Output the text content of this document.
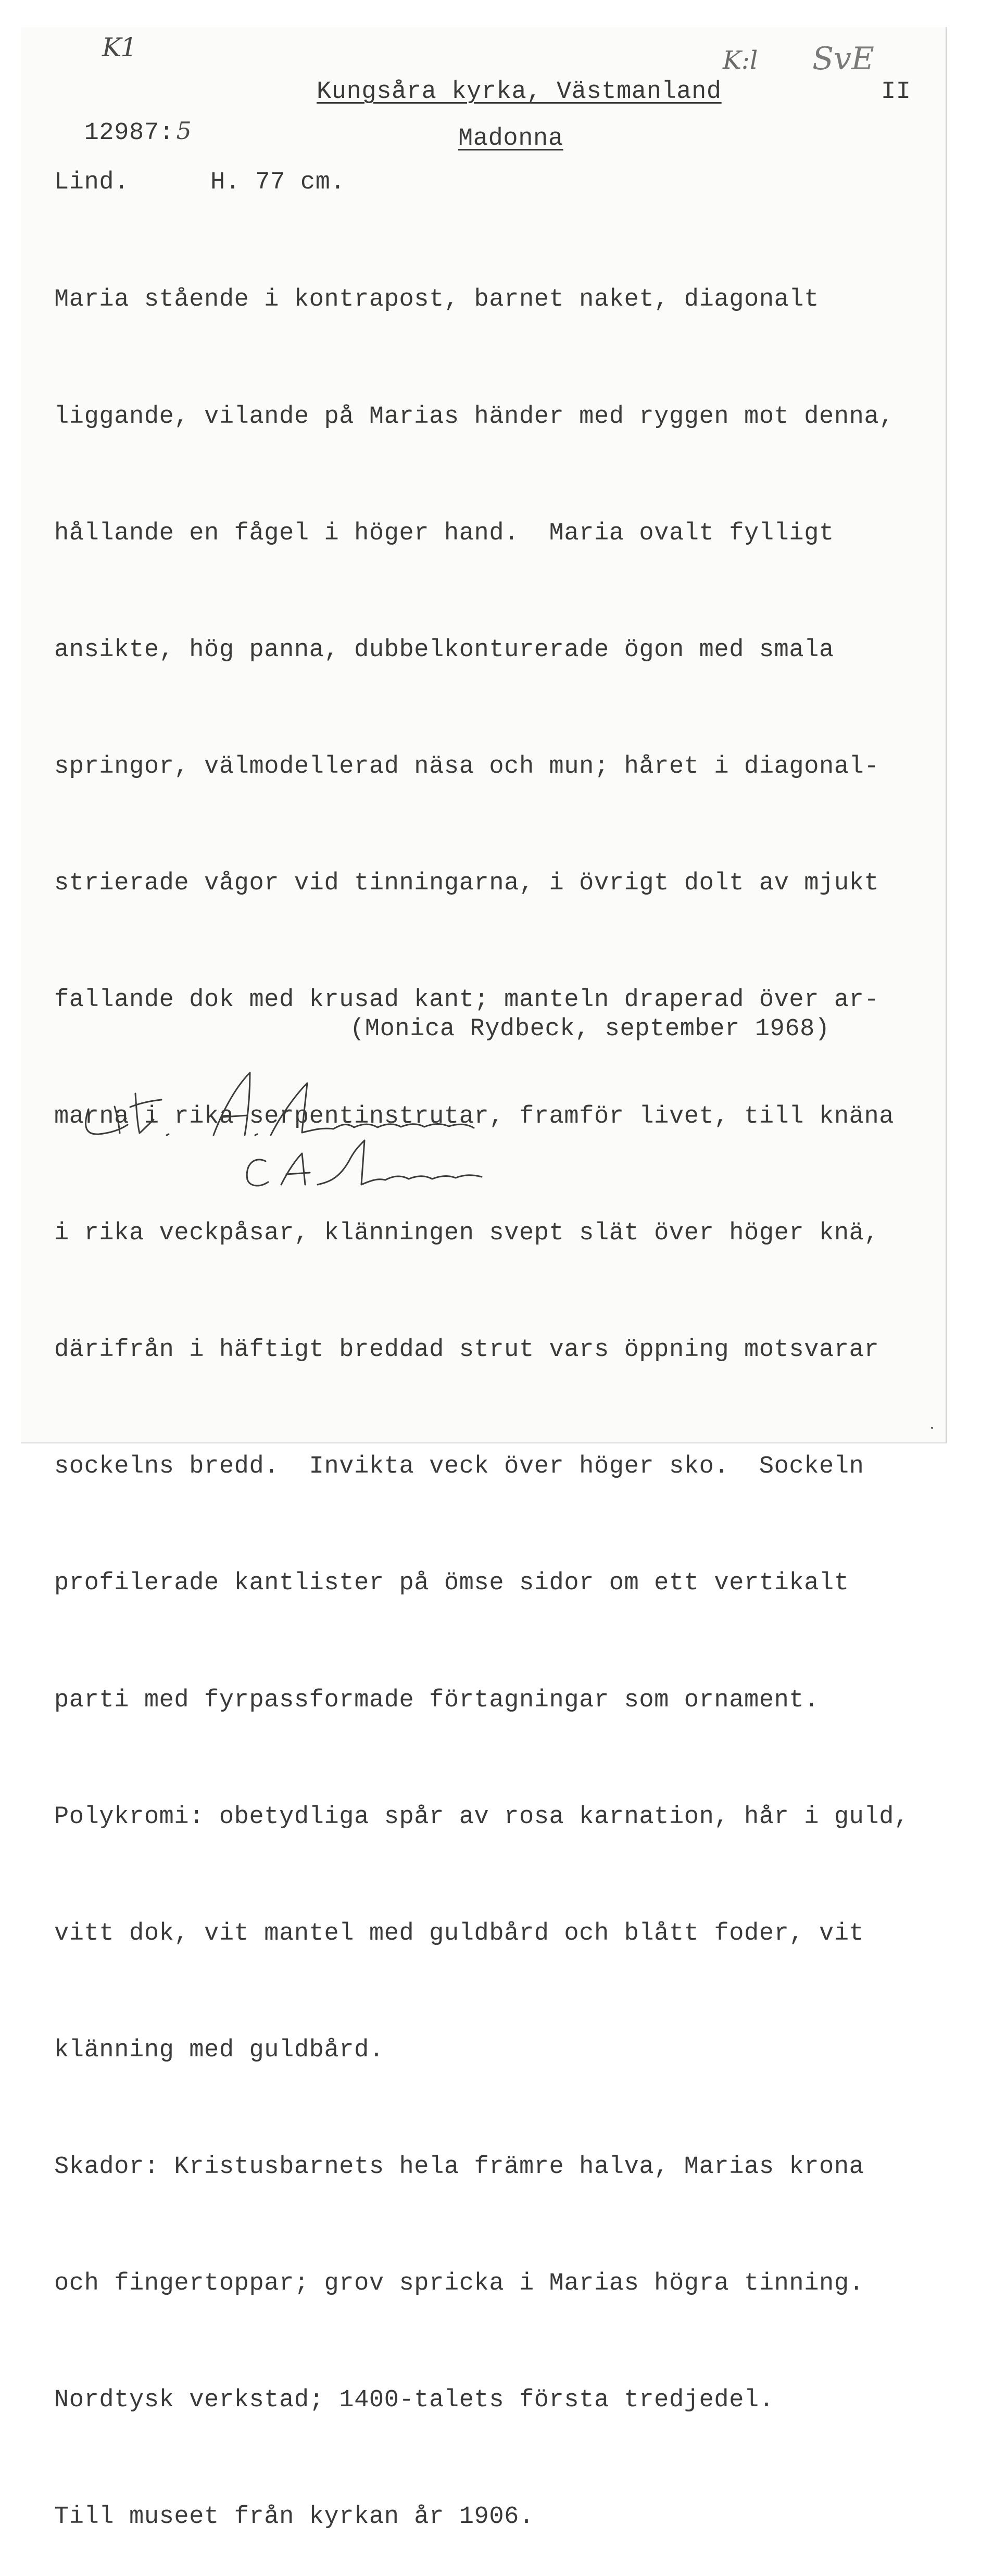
K1	K:l SvE

12987:5

Kungsåra kyrka, Västmanland	II
Madonna
Lind.	H. 77 cm.

Maria stående i kontrapost, barnet naket, diagonalt

liggande, vilande på Marias händer med ryggen mot denna,

hållande en fågel i höger hand.  Maria ovalt fylligt

ansikte, hög panna, dubbelkonturerade ögon med smala

springor, välmodellerad näsa och mun; håret i diagonal-

strierade vågor vid tinningarna, i övrigt dolt av mjukt

fallande dok med krusad kant; manteln draperad över ar-

marna i rika serpentinstrutar, framför livet, till knäna

i rika veckpåsar, klänningen svept slät över höger knä,

därifrån i häftigt breddad strut vars öppning motsvarar

sockelns bredd.  Invikta veck över höger sko.  Sockeln

profilerade kantlister på ömse sidor om ett vertikalt

parti med fyrpassformade förtagningar som ornament.

Polykromi: obetydliga spår av rosa karnation, hår i guld,

vitt dok, vit mantel med guldbård och blått foder, vit

klänning med guldbård.

Skador: Kristusbarnets hela främre halva, Marias krona

och fingertoppar; grov spricka i Marias högra tinning.

Nordtysk verkstad; 1400-talets första tredjedel.

Till museet från kyrkan år 1906.

(Monica Rydbeck, september 1968)
